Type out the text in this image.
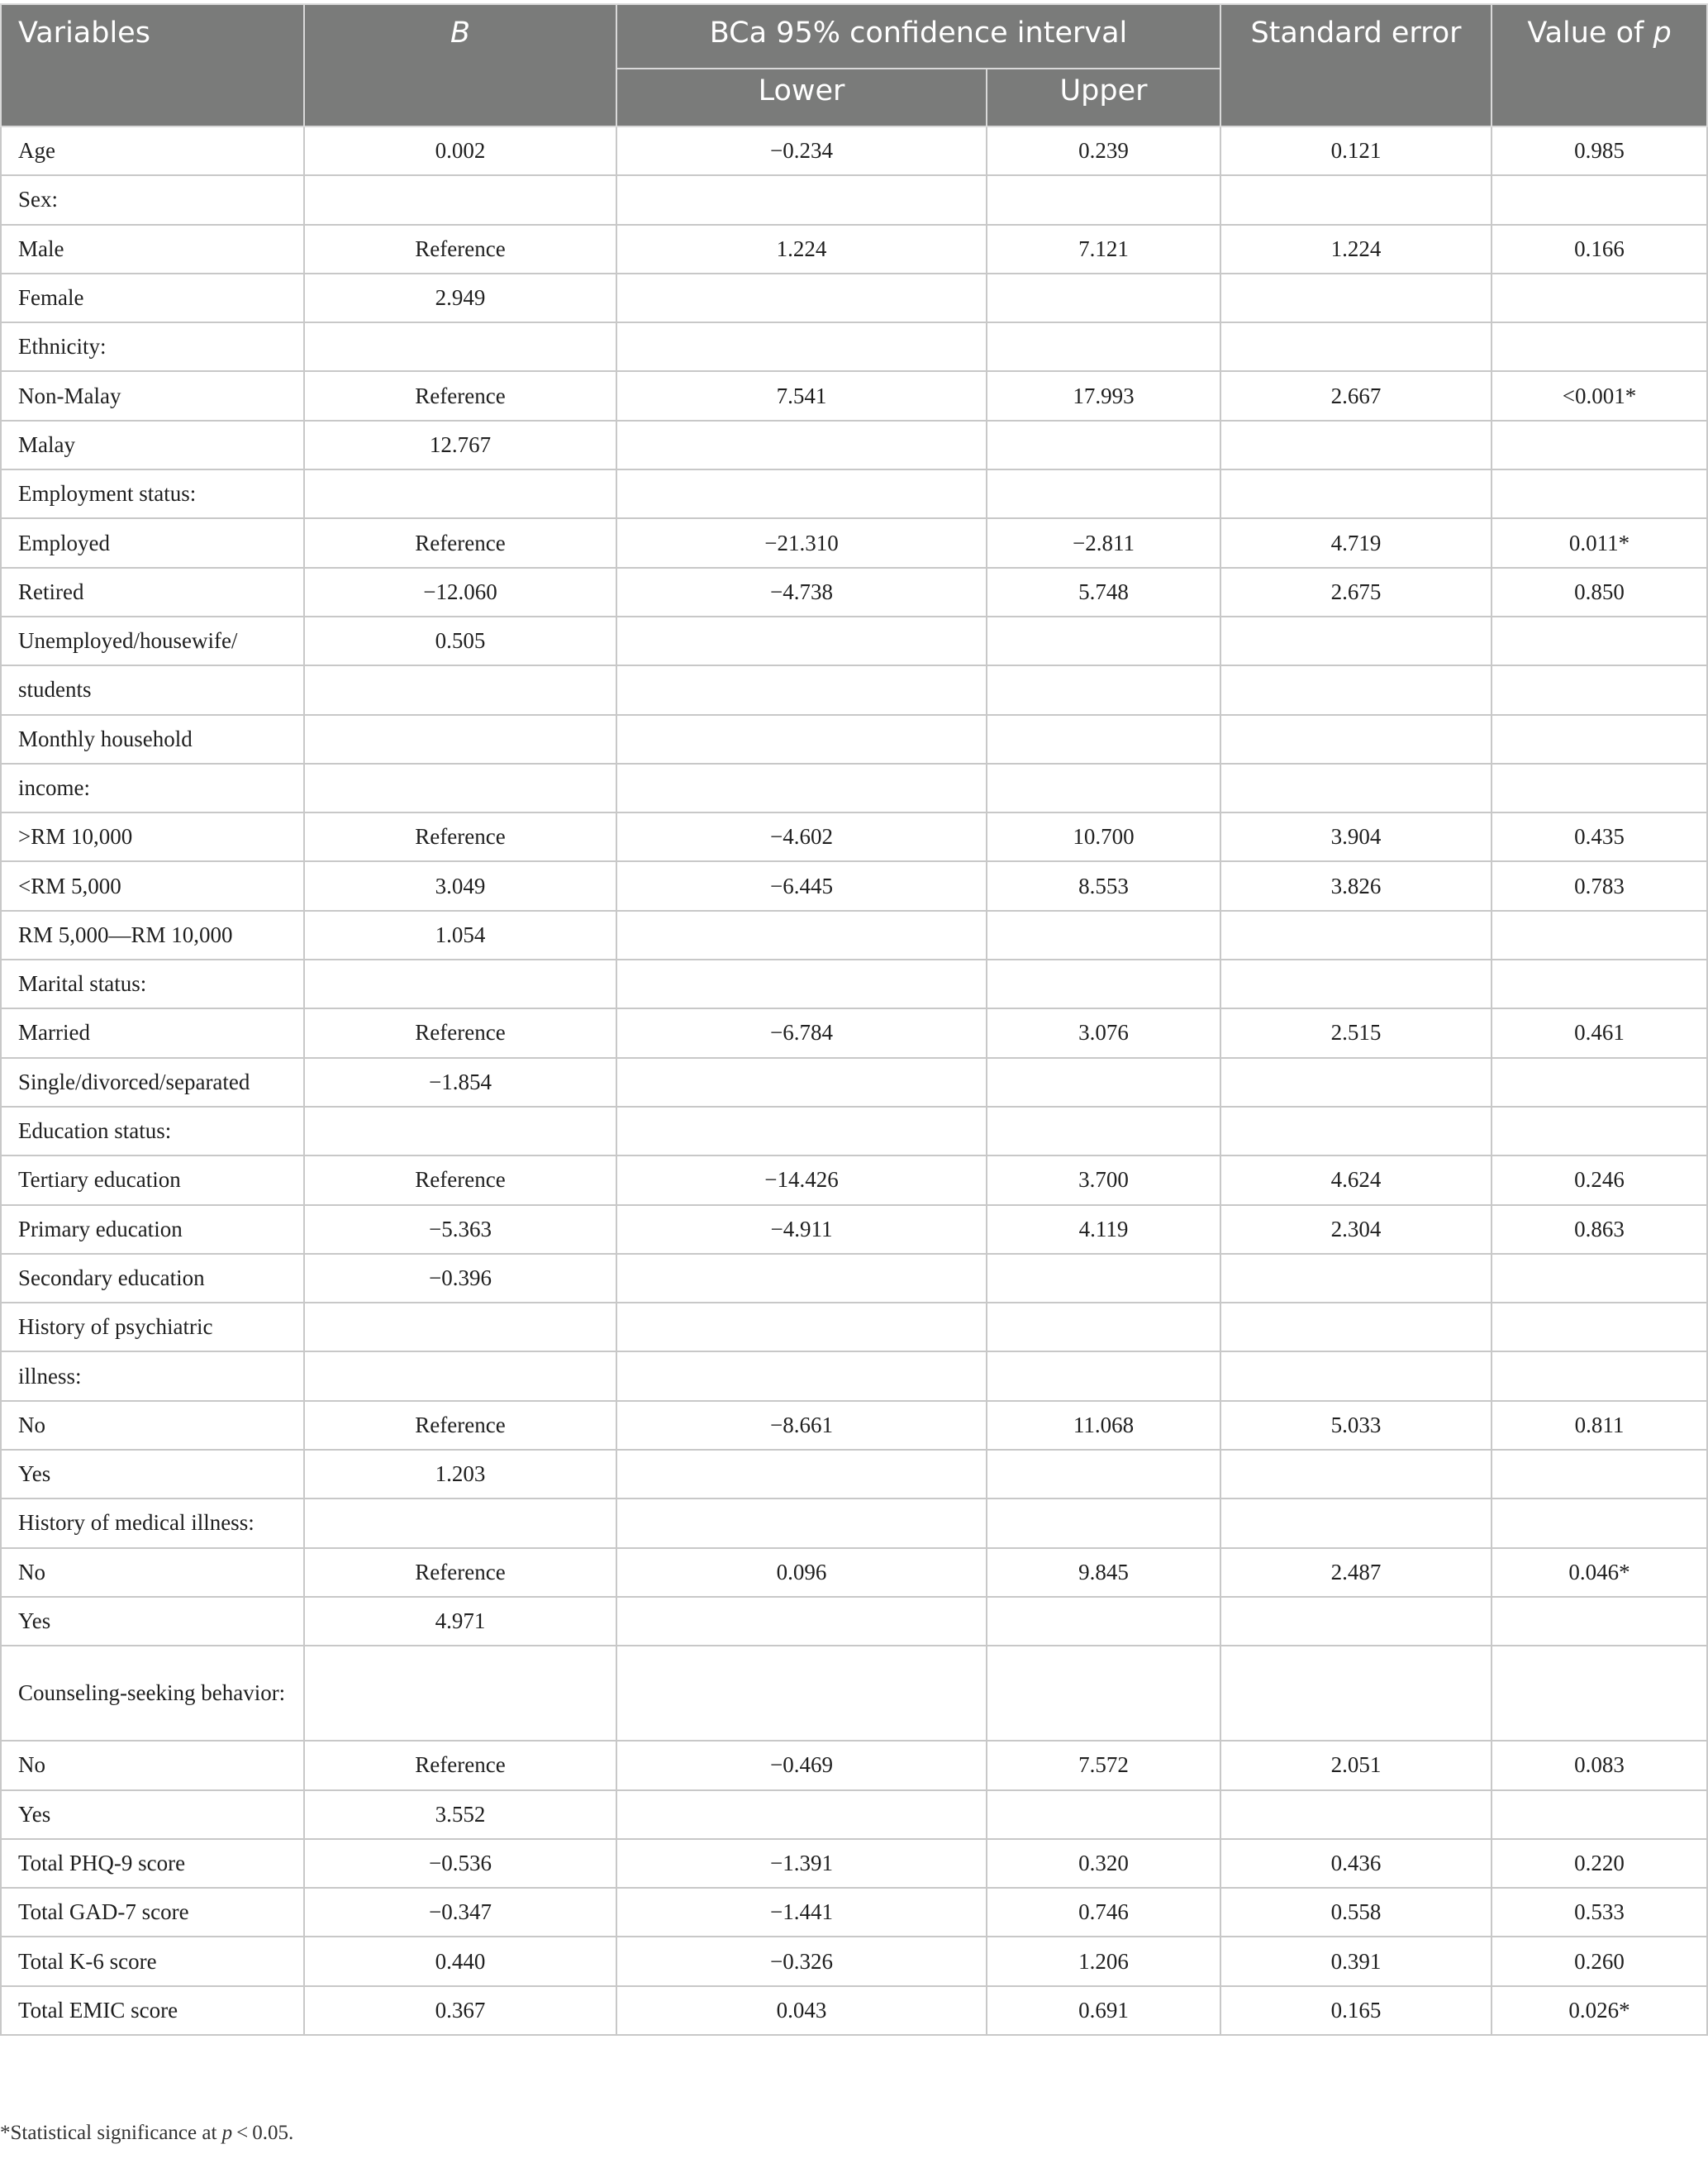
Variables	B	BCa 95% confidence interval		Standard error	Value of p
		Lower	Upper		
Age	0.002	−0.234	0.239	0.121	0.985
Sex:					
Male	Reference	1.224	7.121	1.224	0.166
Female	2.949				
Ethnicity:					
Non-Malay	Reference	7.541	17.993	2.667	<0.001*
Malay	12.767				
Employment status:					
Employed	Reference	−21.310	−2.811	4.719	0.011*
Retired	−12.060	−4.738	5.748	2.675	0.850
Unemployed/housewife/	0.505				
students					
Monthly household					
income:					
>RM 10,000	Reference	−4.602	10.700	3.904	0.435
<RM 5,000	3.049	−6.445	8.553	3.826	0.783
RM 5,000—RM 10,000	1.054				
Marital status:					
Married	Reference	−6.784	3.076	2.515	0.461
Single/divorced/separated	−1.854				
Education status:					
Tertiary education	Reference	−14.426	3.700	4.624	0.246
Primary education	−5.363	−4.911	4.119	2.304	0.863
Secondary education	−0.396				
History of psychiatric					
illness:					
No	Reference	−8.661	11.068	5.033	0.811
Yes	1.203				
History of medical illness:					
No	Reference	0.096	9.845	2.487	0.046*
Yes	4.971				
Counseling-seeking behavior:					
No	Reference	−0.469	7.572	2.051	0.083
Yes	3.552				
Total PHQ-9 score	−0.536	−1.391	0.320	0.436	0.220
Total GAD-7 score	−0.347	−1.441	0.746	0.558	0.533
Total K-6 score	0.440	−0.326	1.206	0.391	0.260
Total EMIC score	0.367	0.043	0.691	0.165	0.026*
*Statistical significance at p < 0.05.
